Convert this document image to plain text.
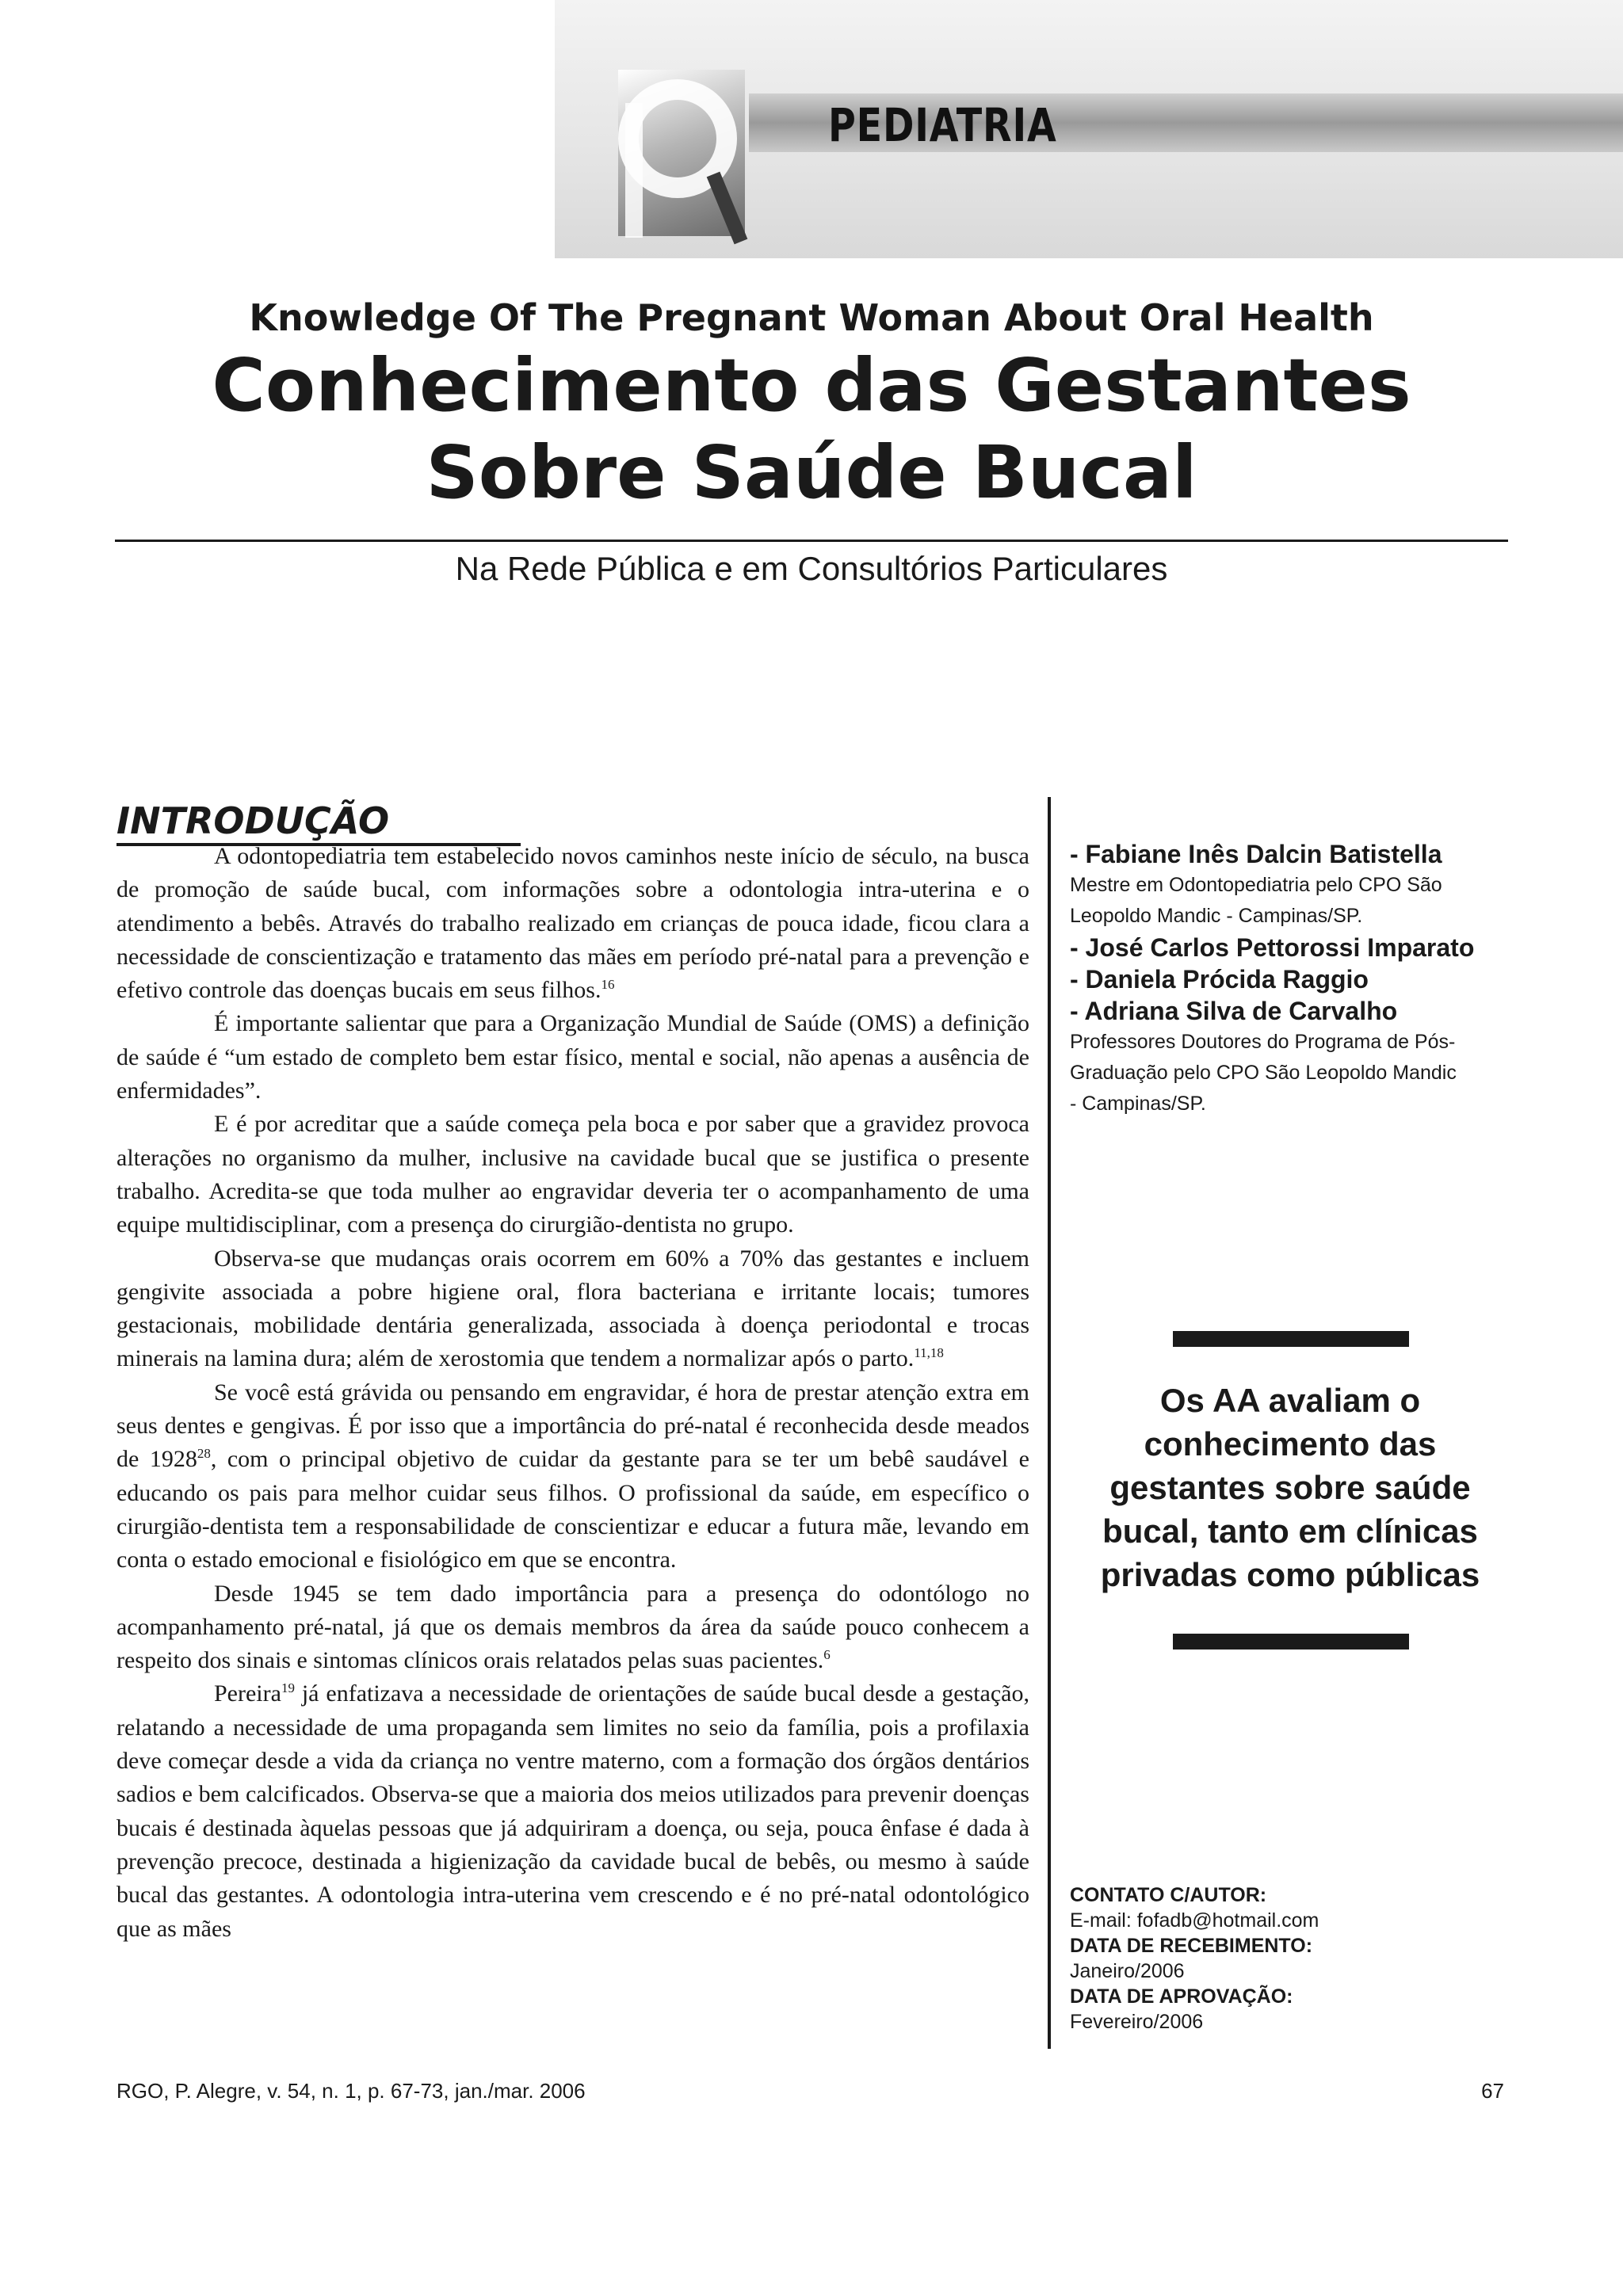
PEDIATRIA
Knowledge Of The Pregnant Woman About Oral Health
Conhecimento das Gestantes
Sobre Saúde Bucal
Na Rede Pública e em Consultórios Particulares
INTRODUÇÃO

A odontopediatria tem estabelecido novos caminhos neste início de século, na busca de promoção de saúde bucal, com informações sobre a odontologia intra-uterina e o atendimento a bebês. Através do trabalho realizado em crianças de pouca idade, ficou clara a necessidade de conscientização e tratamento das mães em período pré-natal para a prevenção e efetivo controle das doenças bucais em seus filhos.$^{16}$

É importante salientar que para a Organização Mundial de Saúde (OMS) a definição de saúde é “um estado de completo bem estar físico, mental e social, não apenas a ausência de enfermidades”.

E é por acreditar que a saúde começa pela boca e por saber que a gravidez provoca alterações no organismo da mulher, inclusive na cavidade bucal que se justifica o presente trabalho. Acredita-se que toda mulher ao engravidar deveria ter o acompanhamento de uma equipe multidisciplinar, com a presença do cirurgião-dentista no grupo.

Observa-se que mudanças orais ocorrem em 60% a 70% das gestantes e incluem gengivite associada a pobre higiene oral, flora bacteriana e irritante locais; tumores gestacionais, mobilidade dentária generalizada, associada à doença periodontal e trocas minerais na lamina dura; além de xerostomia que tendem a normalizar após o parto.$^{11,18}$

Se você está grávida ou pensando em engravidar, é hora de prestar atenção extra em seus dentes e gengivas. É por isso que a importância do pré-natal é reconhecida desde meados de 1928$^{28}$, com o principal objetivo de cuidar da gestante para se ter um bebê saudável e educando os pais para melhor cuidar seus filhos. O profissional da saúde, em específico o cirurgião-dentista tem a responsabilidade de conscientizar e educar a futura mãe, levando em conta o estado emocional e fisiológico em que se encontra.

Desde 1945 se tem dado importância para a presença do odontólogo no acompanhamento pré-natal, já que os demais membros da área da saúde pouco conhecem a respeito dos sinais e sintomas clínicos orais relatados pelas suas pacientes.$^6$

Pereira$^{19}$ já enfatizava a necessidade de orientações de saúde bucal desde a gestação, relatando a necessidade de uma propaganda sem limites no seio da família, pois a profilaxia deve começar desde a vida da criança no ventre materno, com a formação dos órgãos dentários sadios e bem calcificados. Observa-se que a maioria dos meios utilizados para prevenir doenças bucais é destinada àquelas pessoas que já adquiriram a doença, ou seja, pouca ênfase é dada à prevenção precoce, destinada a higienização da cavidade bucal de bebês, ou mesmo à saúde bucal das gestantes. A odontologia intra-uterina vem crescendo e é no pré-natal odontológico que as mães

- Fabiane Inês Dalcin Batistella

Mestre em Odontopediatria pelo CPO São

Leopoldo Mandic - Campinas/SP.

- José Carlos Pettorossi Imparato

- Daniela Prócida Raggio

- Adriana Silva de Carvalho

Professores Doutores do Programa de Pós-

Graduação pelo CPO São Leopoldo Mandic

- Campinas/SP.

Os AA avaliam o
conhecimento das
gestantes sobre saúde
bucal, tanto em clínicas
privadas como públicas
CONTATO C/AUTOR:
E-mail: fofadb@hotmail.com
DATA DE RECEBIMENTO:
Janeiro/2006
DATA DE APROVAÇÃO:
Fevereiro/2006
RGO, P. Alegre, v. 54, n. 1, p. 67-73, jan./mar. 2006	67
